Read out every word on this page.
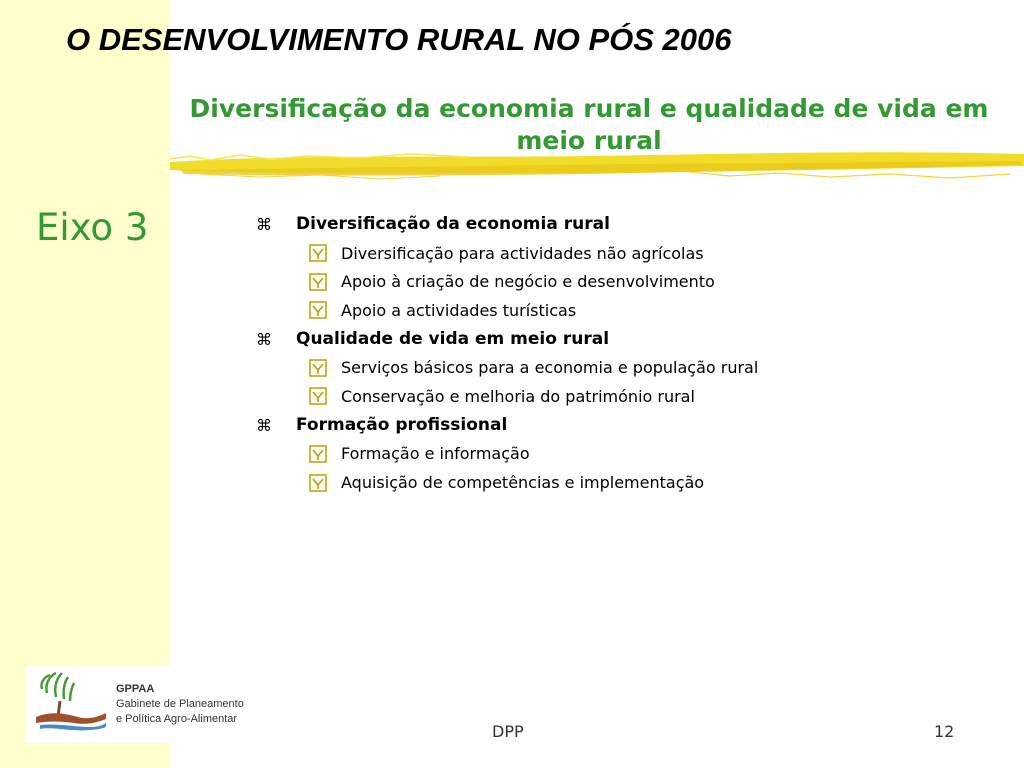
O DESENVOLVIMENTO RURAL NO PÓS 2006
Diversificação da economia rural e qualidade de vida em meio rural
Eixo 3	⌘	Diversificação da economia rural
Diversificação para actividades não agrícolas
Apoio à criação de negócio e desenvolvimento
Apoio a actividades turísticas
⌘	Qualidade de vida em meio rural
Serviços básicos para a economia e população rural
Conservação e melhoria do património rural
⌘	Formação profissional
Formação e informação
Aquisição de competências e implementação
GPPAA
Gabinete de Planeamento
e Política Agro-Alimentar
DPP	12
